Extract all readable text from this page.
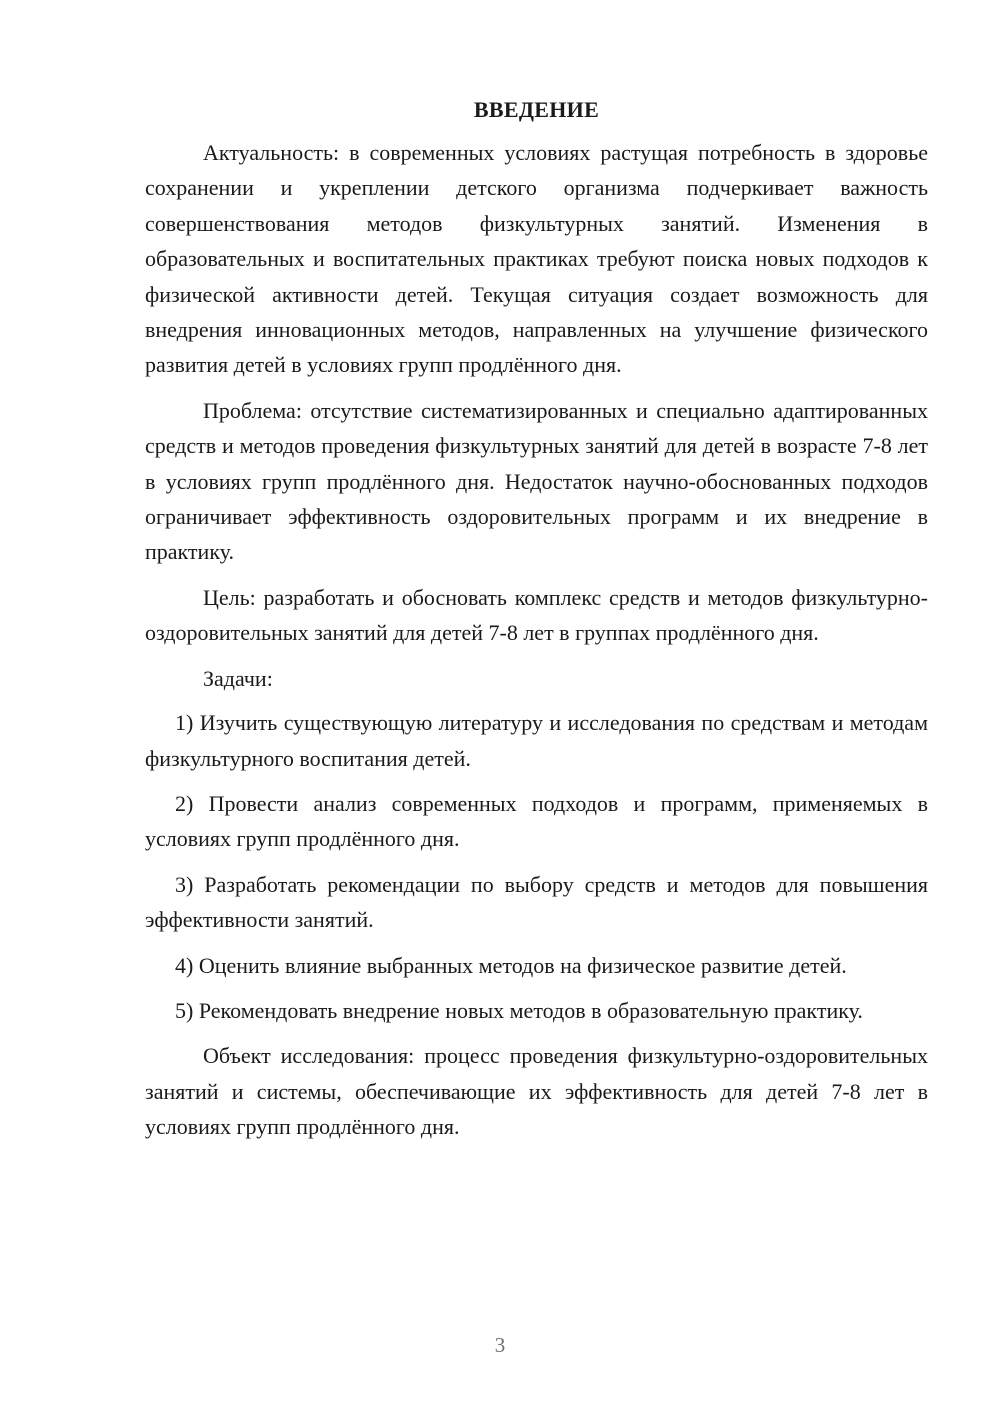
ВВЕДЕНИЕ

Актуальность: в современных условиях растущая потребность в здоровье сохранении и укреплении детского организма подчеркивает важность совершенствования методов физкультурных занятий. Изменения в образовательных и воспитательных практиках требуют поиска новых подходов к физической активности детей. Текущая ситуация создает возможность для внедрения инновационных методов, направленных на улучшение физического развития детей в условиях групп продлённого дня.

Проблема: отсутствие систематизированных и специально адаптированных средств и методов проведения физкультурных занятий для детей в возрасте 7-8 лет в условиях групп продлённого дня. Недостаток научно-обоснованных подходов ограничивает эффективность оздоровительных программ и их внедрение в практику.

Цель: разработать и обосновать комплекс средств и методов физкультурно-оздоровительных занятий для детей 7-8 лет в группах продлённого дня.

Задачи:

1) Изучить существующую литературу и исследования по средствам и методам физкультурного воспитания детей.

2) Провести анализ современных подходов и программ, применяемых в условиях групп продлённого дня.

3) Разработать рекомендации по выбору средств и методов для повышения эффективности занятий.

4) Оценить влияние выбранных методов на физическое развитие детей.

5) Рекомендовать внедрение новых методов в образовательную практику.

Объект исследования: процесс проведения физкультурно-оздоровительных занятий и системы, обеспечивающие их эффективность для детей 7-8 лет в условиях групп продлённого дня.

3
